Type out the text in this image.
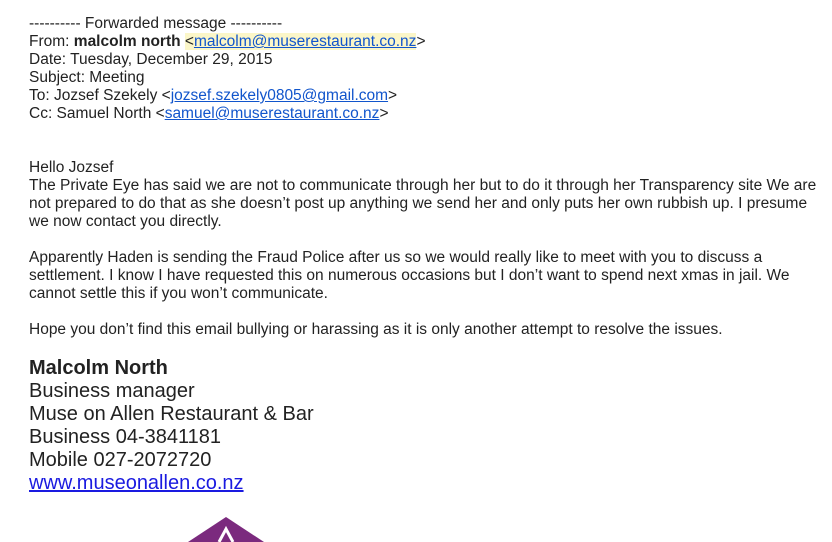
---------- Forwarded message ----------
From: malcolm north <malcolm@muserestaurant.co.nz>
Date: Tuesday, December 29, 2015
Subject: Meeting
To: Jozsef Szekely <jozsef.szekely0805@gmail.com>
Cc: Samuel North <samuel@muserestaurant.co.nz>
Hello Jozsef
The Private Eye has said we are not to communicate through her but to do it through her Transparency site We are not prepared to do that as she doesn’t post up anything we send her and only puts her own rubbish up. I presume we now contact you directly.
Apparently Haden is sending the Fraud Police after us so we would really like to meet with you to discuss a settlement. I know I have requested this on numerous occasions but I don’t want to spend next xmas in jail. We cannot settle this if you won’t communicate.
Hope you don’t find this email bullying or harassing as it is only another attempt to resolve the issues.
Malcolm North
Business manager
Muse on Allen Restaurant & Bar
Business 04-3841181
Mobile 027-2072720
www.museonallen.co.nz
